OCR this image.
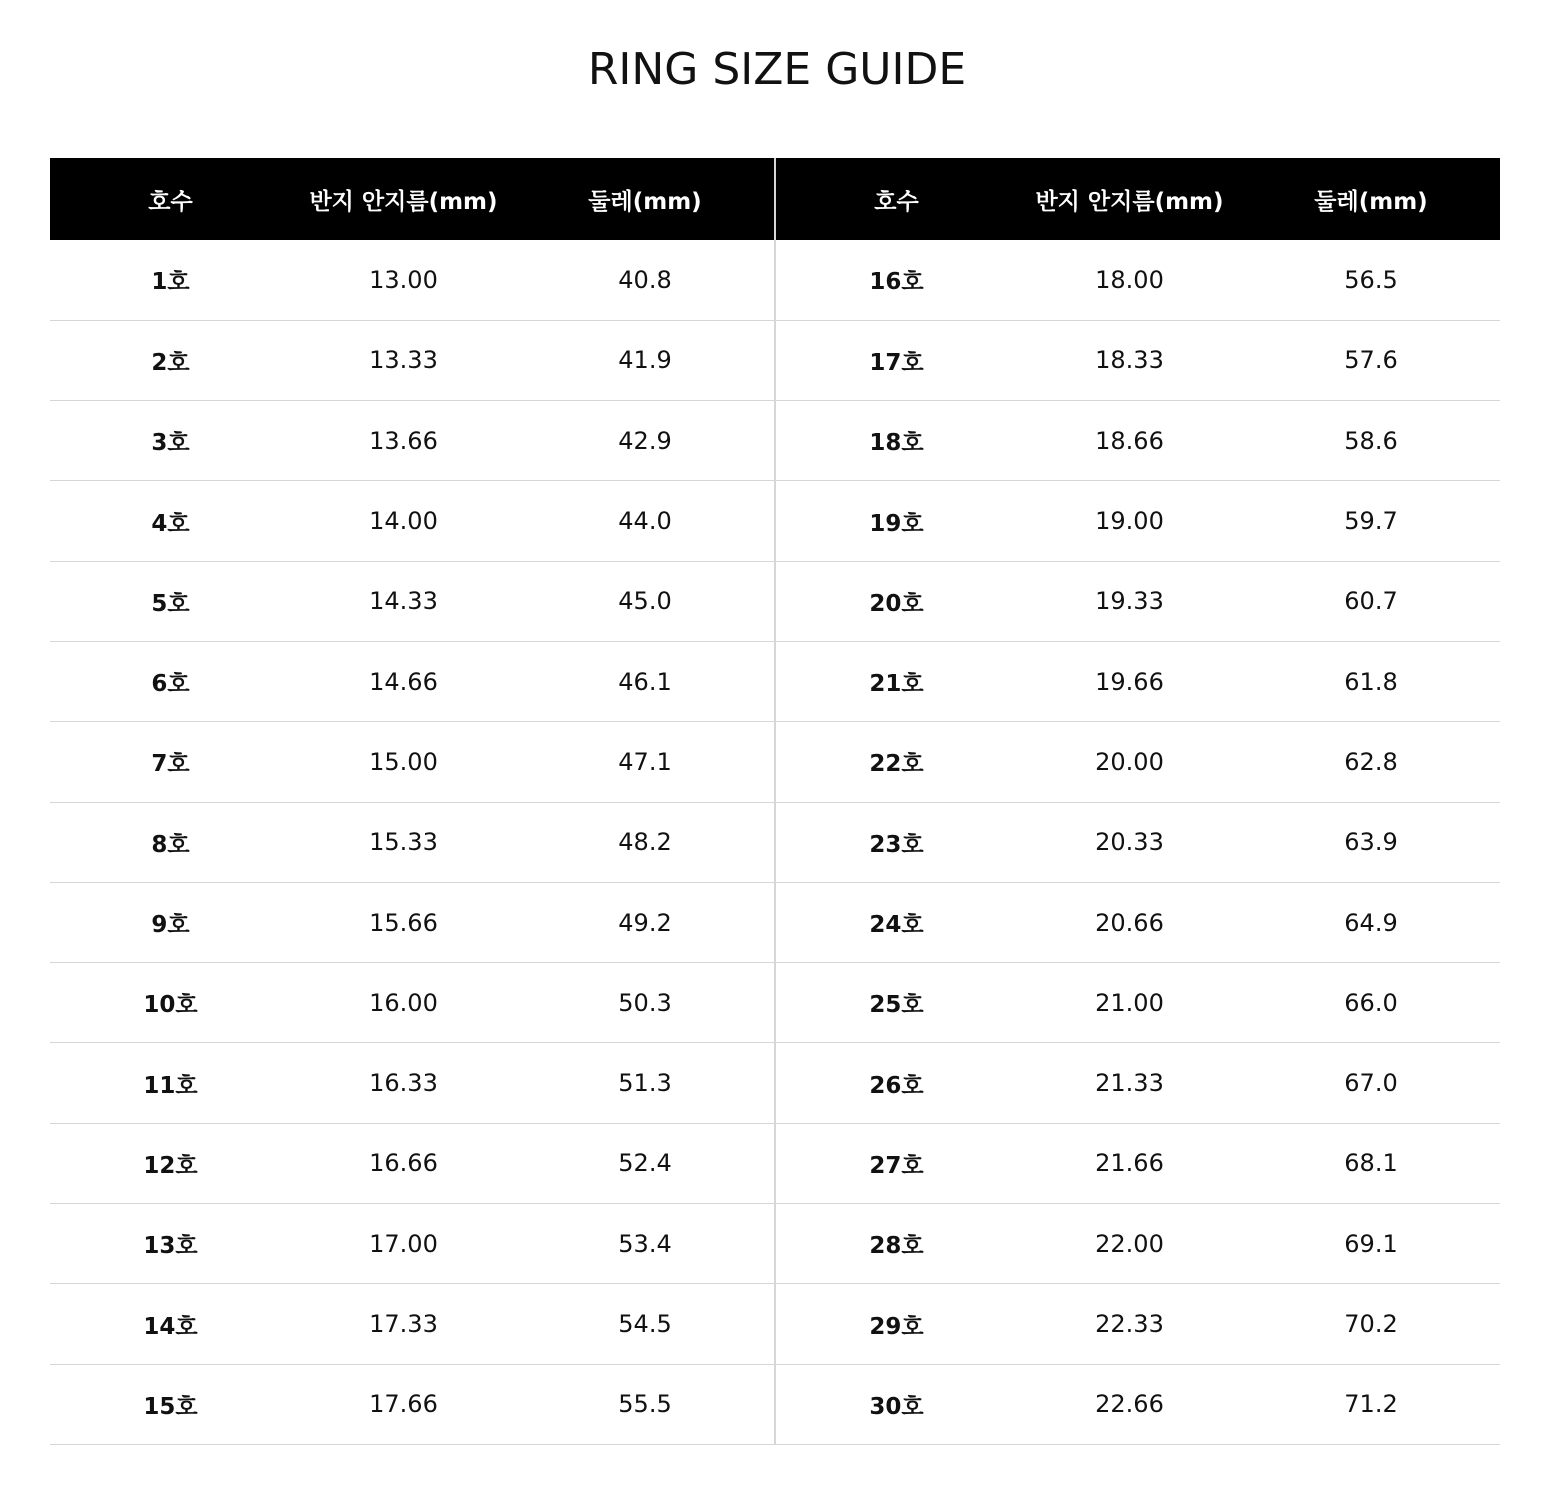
RING SIZE GUIDE
호수	반지 안지름(mm)	둘레(mm)
1호	13.00	40.8
2호	13.33	41.9
3호	13.66	42.9
4호	14.00	44.0
5호	14.33	45.0
6호	14.66	46.1
7호	15.00	47.1
8호	15.33	48.2
9호	15.66	49.2
10호	16.00	50.3
11호	16.33	51.3
12호	16.66	52.4
13호	17.00	53.4
14호	17.33	54.5
15호	17.66	55.5
호수	반지 안지름(mm)	둘레(mm)
16호	18.00	56.5
17호	18.33	57.6
18호	18.66	58.6
19호	19.00	59.7
20호	19.33	60.7
21호	19.66	61.8
22호	20.00	62.8
23호	20.33	63.9
24호	20.66	64.9
25호	21.00	66.0
26호	21.33	67.0
27호	21.66	68.1
28호	22.00	69.1
29호	22.33	70.2
30호	22.66	71.2
